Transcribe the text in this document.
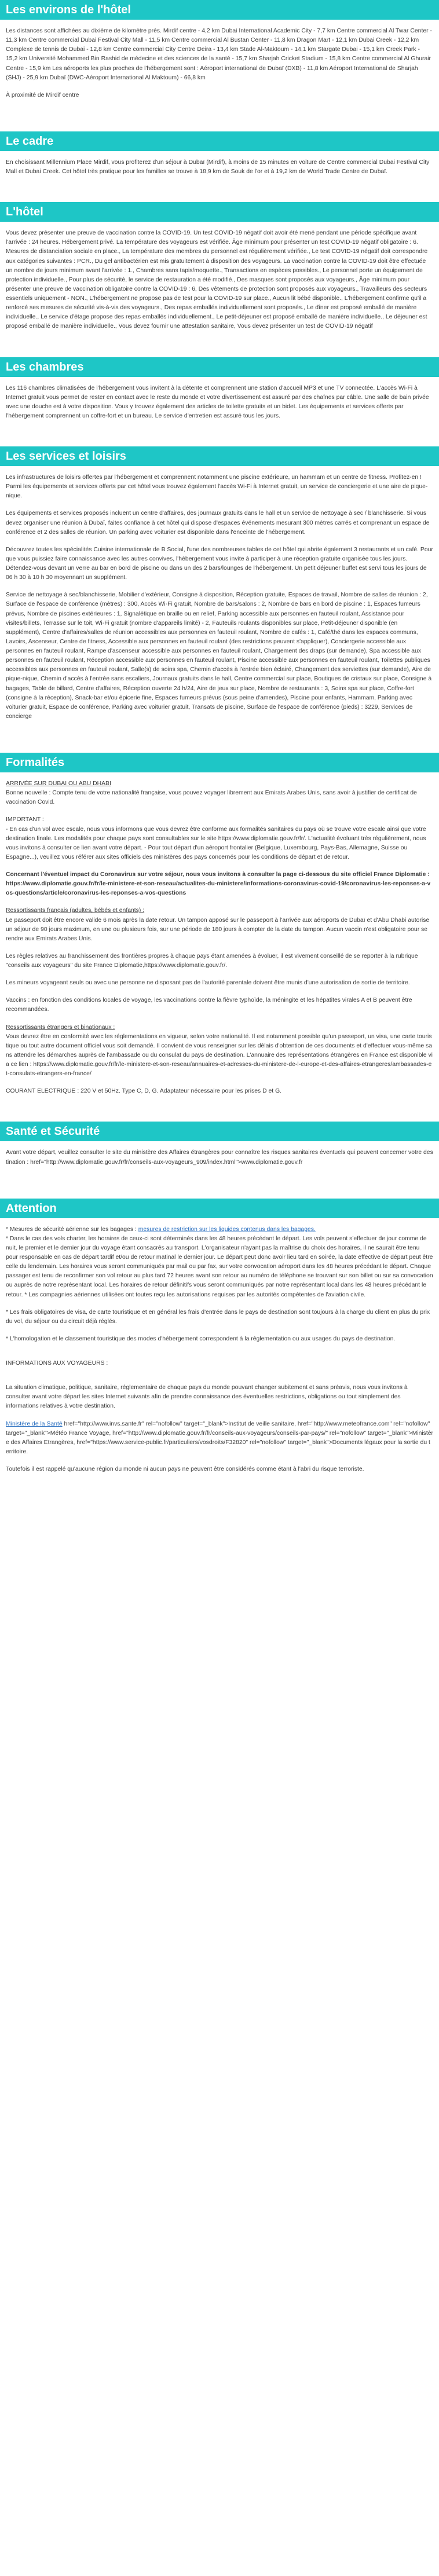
Les environs de l'hôtel

Les distances sont affichées au dixième de kilomètre près. Mirdif centre - 4,2 km Dubai International Academic City - 7,7 km Centre commercial Al Twar Center - 11,3 km Centre commercial Dubai Festival City Mall - 11,5 km Centre commercial Al Bustan Center - 11,8 km Dragon Mart - 12,1 km Dubai Creek - 12,2 km Complexe de tennis de Dubai - 12,8 km Centre commercial City Centre Deira - 13,4 km Stade Al-Maktoum - 14,1 km Stargate Dubai - 15,1 km Creek Park - 15,2 km Université Mohammed Bin Rashid de médecine et des sciences de la santé - 15,7 km Sharjah Cricket Stadium - 15,8 km Centre commercial Al Ghurair Centre - 15,9 km Les aéroports les plus proches de l'hébergement sont : Aéroport international de Dubaï (DXB) - 11,8 km Aéroport International de Sharjah (SHJ) - 25,9 km Dubaï (DWC-Aéroport International Al Maktoum) - 66,8 km

À proximité de Mirdif centre

Le cadre

En choisissant Millennium Place Mirdif, vous profiterez d'un séjour à Dubaï (Mirdif), à moins de 15 minutes en voiture de Centre commercial Dubai Festival City Mall et Dubai Creek. Cet hôtel très pratique pour les familles se trouve à 18,9 km de Souk de l'or et à 19,2 km de World Trade Centre de Dubaï.

L'hôtel

Vous devez présenter une preuve de vaccination contre la COVID-19. Un test COVID-19 négatif doit avoir été mené pendant une période spécifique avant l'arrivée : 24 heures. Hébergement privé. La température des voyageurs est vérifiée. Âge minimum pour présenter un test COVID-19 négatif obligatoire : 6. Mesures de distanciation sociale en place., La température des membres du personnel est régulièrement vérifiée., Le test COVID-19 négatif doit correspondre aux catégories suivantes : PCR., Du gel antibactérien est mis gratuitement à disposition des voyageurs. La vaccination contre la COVID-19 doit être effectuée un nombre de jours minimum avant l'arrivée : 1., Chambres sans tapis/moquette., Transactions en espèces possibles., Le personnel porte un équipement de protection individuelle., Pour plus de sécurité, le service de restauration a été modifié., Des masques sont proposés aux voyageurs., Âge minimum pour présenter une preuve de vaccination obligatoire contre la COVID-19 : 6, Des vêtements de protection sont proposés aux voyageurs., Travailleurs des secteurs essentiels uniquement - NON., L'hébergement ne propose pas de test pour la COVID-19 sur place., Aucun lit bébé disponible., L'hébergement confirme qu'il a renforcé ses mesures de sécurité vis-à-vis des voyageurs., Des repas emballés individuellement sont proposés., Le dîner est proposé emballé de manière individuelle., Le service d'étage propose des repas emballés individuellement., Le petit-déjeuner est proposé emballé de manière individuelle., Le déjeuner est proposé emballé de manière individuelle., Vous devez fournir une attestation sanitaire, Vous devez présenter un test de COVID-19 négatif

Les chambres

Les 116 chambres climatisées de l'hébergement vous invitent à la détente et comprennent une station d'accueil MP3 et une TV connectée. L'accès Wi-Fi à Internet gratuit vous permet de rester en contact avec le reste du monde et votre divertissement est assuré par des chaînes par câble. Une salle de bain privée avec une douche est à votre disposition. Vous y trouvez également des articles de toilette gratuits et un bidet. Les équipements et services offerts par l'hébergement comprennent un coffre-fort et un bureau. Le service d'entretien est assuré tous les jours.

Les services et loisirs

Les infrastructures de loisirs offertes par l'hébergement et comprennent notamment une piscine extérieure, un hammam et un centre de fitness. Profitez-en ! Parmi les équipements et services offerts par cet hôtel vous trouvez également l'accès Wi-Fi à Internet gratuit, un service de conciergerie et une aire de pique-nique.

Les équipements et services proposés incluent un centre d'affaires, des journaux gratuits dans le hall et un service de nettoyage à sec / blanchisserie. Si vous devez organiser une réunion à Dubaï, faites confiance à cet hôtel qui dispose d'espaces événements mesurant 300 mètres carrés et comprenant un espace de conférence et 2 des salles de réunion. Un parking avec voiturier est disponible dans l'enceinte de l'hébergement.

Découvrez toutes les spécialités Cuisine internationale de B Social, l'une des nombreuses tables de cet hôtel qui abrite également 3 restaurants et un café. Pour que vous puissiez faire connaissance avec les autres convives, l'hébergement vous invite à participer à une réception gratuite organisée tous les jours. Détendez-vous devant un verre au bar en bord de piscine ou dans un des 2 bars/lounges de l'hébergement. Un petit déjeuner buffet est servi tous les jours de 06 h 30 à 10 h 30 moyennant un supplément.

Service de nettoyage à sec/blanchisserie, Mobilier d'extérieur, Consigne à disposition, Réception gratuite, Espaces de travail, Nombre de salles de réunion : 2, Surface de l'espace de conférence (mètres) : 300, Accès Wi-Fi gratuit, Nombre de bars/salons : 2, Nombre de bars en bord de piscine : 1, Espaces fumeurs prévus, Nombre de piscines extérieures : 1, Signalétique en braille ou en relief, Parking accessible aux personnes en fauteuil roulant, Assistance pour visites/billets, Terrasse sur le toit, Wi-Fi gratuit (nombre d'appareils limité) - 2, Fauteuils roulants disponibles sur place, Petit-déjeuner disponible (en supplément), Centre d'affaires/salles de réunion accessibles aux personnes en fauteuil roulant, Nombre de cafés : 1, Café/thé dans les espaces communs, Lavoirs, Ascenseur, Centre de fitness, Accessible aux personnes en fauteuil roulant (des restrictions peuvent s'appliquer), Conciergerie accessible aux personnes en fauteuil roulant, Rampe d'ascenseur accessible aux personnes en fauteuil roulant, Chargement des draps (sur demande), Spa accessible aux personnes en fauteuil roulant, Réception accessible aux personnes en fauteuil roulant, Piscine accessible aux personnes en fauteuil roulant, Toilettes publiques accessibles aux personnes en fauteuil roulant, Salle(s) de soins spa, Chemin d'accès à l'entrée bien éclairé, Changement des serviettes (sur demande), Aire de pique-nique, Chemin d'accès à l'entrée sans escaliers, Journaux gratuits dans le hall, Centre commercial sur place, Boutiques de cristaux sur place, Consigne à bagages, Table de billard, Centre d'affaires, Réception ouverte 24 h/24, Aire de jeux sur place, Nombre de restaurants : 3, Soins spa sur place, Coffre-fort (consigne à la réception), Snack-bar et/ou épicerie fine, Espaces fumeurs prévus (sous peine d'amendes), Piscine pour enfants, Hammam, Parking avec voiturier gratuit, Espace de conférence, Parking avec voiturier gratuit, Transats de piscine, Surface de l'espace de conférence (pieds) : 3229, Services de concierge

Formalités

ARRIVÉE SUR DUBAI OU ABU DHABI

Bonne nouvelle : Compte tenu de votre nationalité française, vous pouvez voyager librement aux Emirats Arabes Unis, sans avoir à justifier de certificat de vaccination Covid.

IMPORTANT :

- En cas d'un vol avec escale, nous vous informons que vous devrez être conforme aux formalités sanitaires du pays où se trouve votre escale ainsi que votre destination finale. Les modalités pour chaque pays sont consultables sur le site https://www.diplomatie.gouv.fr/fr/. L'actualité évoluant très régulièrement, nous vous invitons à consulter ce lien avant votre départ. - Pour tout départ d'un aéroport frontalier (Belgique, Luxembourg, Pays-Bas, Allemagne, Suisse ou Espagne...), veuillez vous référer aux sites officiels des ministères des pays concernés pour les conditions de départ et de retour.

Concernant l'éventuel impact du Coronavirus sur votre séjour, nous vous invitons à consulter la page ci-dessous du site officiel France Diplomatie : https://www.diplomatie.gouv.fr/fr/le-ministere-et-son-reseau/actualites-du-ministere/informations-coronavirus-covid-19/coronavirus-les-reponses-a-vos-questions/article/coronavirus-les-reponses-a-vos-questions

Ressortissants français (adultes, bébés et enfants) :

Le passeport doit être encore valide 6 mois après la date retour. Un tampon apposé sur le passeport à l'arrivée aux aéroports de Dubaï et d'Abu Dhabi autorise un séjour de 90 jours maximum, en une ou plusieurs fois, sur une période de 180 jours à compter de la date du tampon. Aucun vaccin n'est obligatoire pour se rendre aux Emirats Arabes Unis.

Les règles relatives au franchissement des frontières propres à chaque pays étant amenées à évoluer, il est vivement conseillé de se reporter à la rubrique "conseils aux voyageurs" du site France Diplomatie,https://www.diplomatie.gouv.fr/.

Les mineurs voyageant seuls ou avec une personne ne disposant pas de l'autorité parentale doivent être munis d'une autorisation de sortie de territoire.

Vaccins : en fonction des conditions locales de voyage, les vaccinations contre la fièvre typhoïde, la méningite et les hépatites virales A et B peuvent être recommandées.

Ressortissants étrangers et binationaux :

Vous devrez être en conformité avec les réglementations en vigueur, selon votre nationalité. Il est notamment possible qu'un passeport, un visa, une carte touristique ou tout autre document officiel vous soit demandé. Il convient de vous renseigner sur les délais d'obtention de ces documents et d'effectuer vous-même sans attendre les démarches auprès de l'ambassade ou du consulat du pays de destination. L'annuaire des représentations étrangères en France est disponible via ce lien : https://www.diplomatie.gouv.fr/fr/le-ministere-et-son-reseau/annuaires-et-adresses-du-ministere-de-l-europe-et-des-affaires-etrangeres/ambassades-et-consulats-etrangers-en-france/

COURANT ELECTRIQUE : 220 V et 50Hz. Type C, D, G. Adaptateur nécessaire pour les prises D et G.

Santé et Sécurité

Avant votre départ, veuillez consulter le site du ministère des Affaires étrangères pour connaître les risques sanitaires éventuels qui peuvent concerner votre destination : href="http://www.diplomatie.gouv.fr/fr/conseils-aux-voyageurs_909/index.html">www.diplomatie.gouv.fr

Attention

* Mesures de sécurité aérienne sur les bagages : mesures de restriction sur les liquides contenus dans les bagages.

* Dans le cas des vols charter, les horaires de ceux-ci sont déterminés dans les 48 heures précédant le départ. Les vols peuvent s'effectuer de jour comme de nuit, le premier et le dernier jour du voyage étant consacrés au transport. L'organisateur n'ayant pas la maîtrise du choix des horaires, il ne saurait être tenu pour responsable en cas de départ tardif et/ou de retour matinal le dernier jour. Le départ peut donc avoir lieu tard en soirée, la date effective de départ peut être celle du lendemain. Les horaires vous seront communiqués par mail ou par fax, sur votre convocation aéroport dans les 48 heures précédant le départ. Chaque passager est tenu de reconfirmer son vol retour au plus tard 72 heures avant son retour au numéro de téléphone se trouvant sur son billet ou sur sa convocation ou auprès de notre représentant local. Les horaires de retour définitifs vous seront communiqués par notre représentant local dans les 48 heures précédant le retour. * Les compagnies aériennes utilisées ont toutes reçu les autorisations requises par les autorités compétentes de l'aviation civile.

* Les frais obligatoires de visa, de carte touristique et en général les frais d'entrée dans le pays de destination sont toujours à la charge du client en plus du prix du vol, du séjour ou du circuit déjà réglés.

* L'homologation et le classement touristique des modes d'hébergement correspondent à la réglementation ou aux usages du pays de destination.

INFORMATIONS AUX VOYAGEURS :

La situation climatique, politique, sanitaire, réglementaire de chaque pays du monde pouvant changer subitement et sans préavis, nous vous invitons à consulter avant votre départ les sites Internet suivants afin de prendre connaissance des éventuelles restrictions, obligations ou tout simplement des informations relatives à votre destination.

Ministère de la Santé href="http://www.invs.sante.fr" rel="nofollow" target="_blank">Institut de veille sanitaire, href="http://www.meteofrance.com" rel="nofollow" target="_blank">Météo France Voyage, href="http://www.diplomatie.gouv.fr/fr/conseils-aux-voyageurs/conseils-par-pays/" rel="nofollow" target="_blank">Ministère des Affaires Etrangères, href="https://www.service-public.fr/particuliers/vosdroits/F32820" rel="nofollow" target="_blank">Documents légaux pour la sortie du territoire.

Toutefois il est rappelé qu'aucune région du monde ni aucun pays ne peuvent être considérés comme étant à l'abri du risque terroriste.
